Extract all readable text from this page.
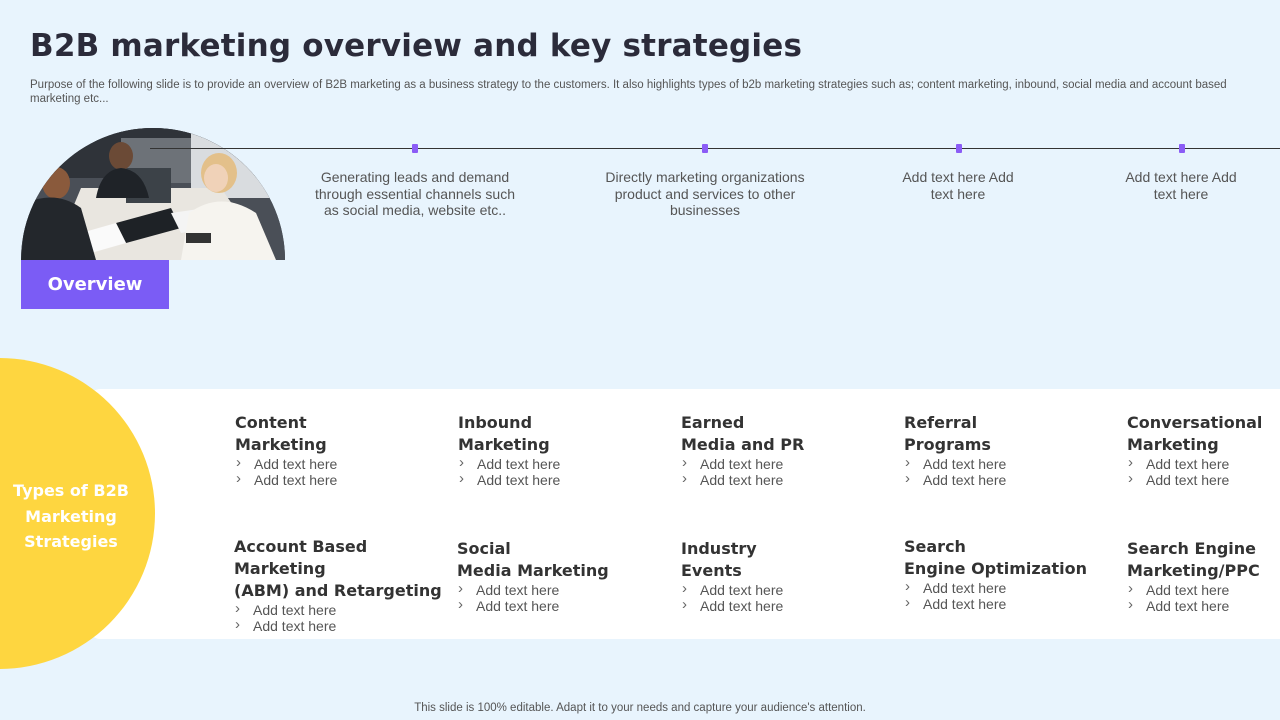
B2B marketing overview and key strategies
Purpose of the following slide is to provide an overview of B2B marketing as a business strategy to the customers. It also highlights types of b2b marketing strategies such as; content marketing, inbound, social media and account based marketing etc...
Overview
Generating leads and demand through essential channels such as social media, website etc..
Directly marketing organizations product and services to other businesses
Add text here Add text here
Add text here Add text here
Types of B2B Marketing Strategies
Content
Marketing
› Add text here
› Add text here
Inbound
Marketing
› Add text here
› Add text here
Earned
Media and PR
› Add text here
› Add text here
Referral
Programs
› Add text here
› Add text here
Conversational
Marketing
› Add text here
› Add text here
Account Based Marketing
(ABM) and Retargeting
› Add text here
› Add text here
Social
Media Marketing
› Add text here
› Add text here
Industry
Events
› Add text here
› Add text here
Search
Engine Optimization
› Add text here
› Add text here
Search Engine
Marketing/PPC
› Add text here
› Add text here
This slide is 100% editable. Adapt it to your needs and capture your audience's attention.
